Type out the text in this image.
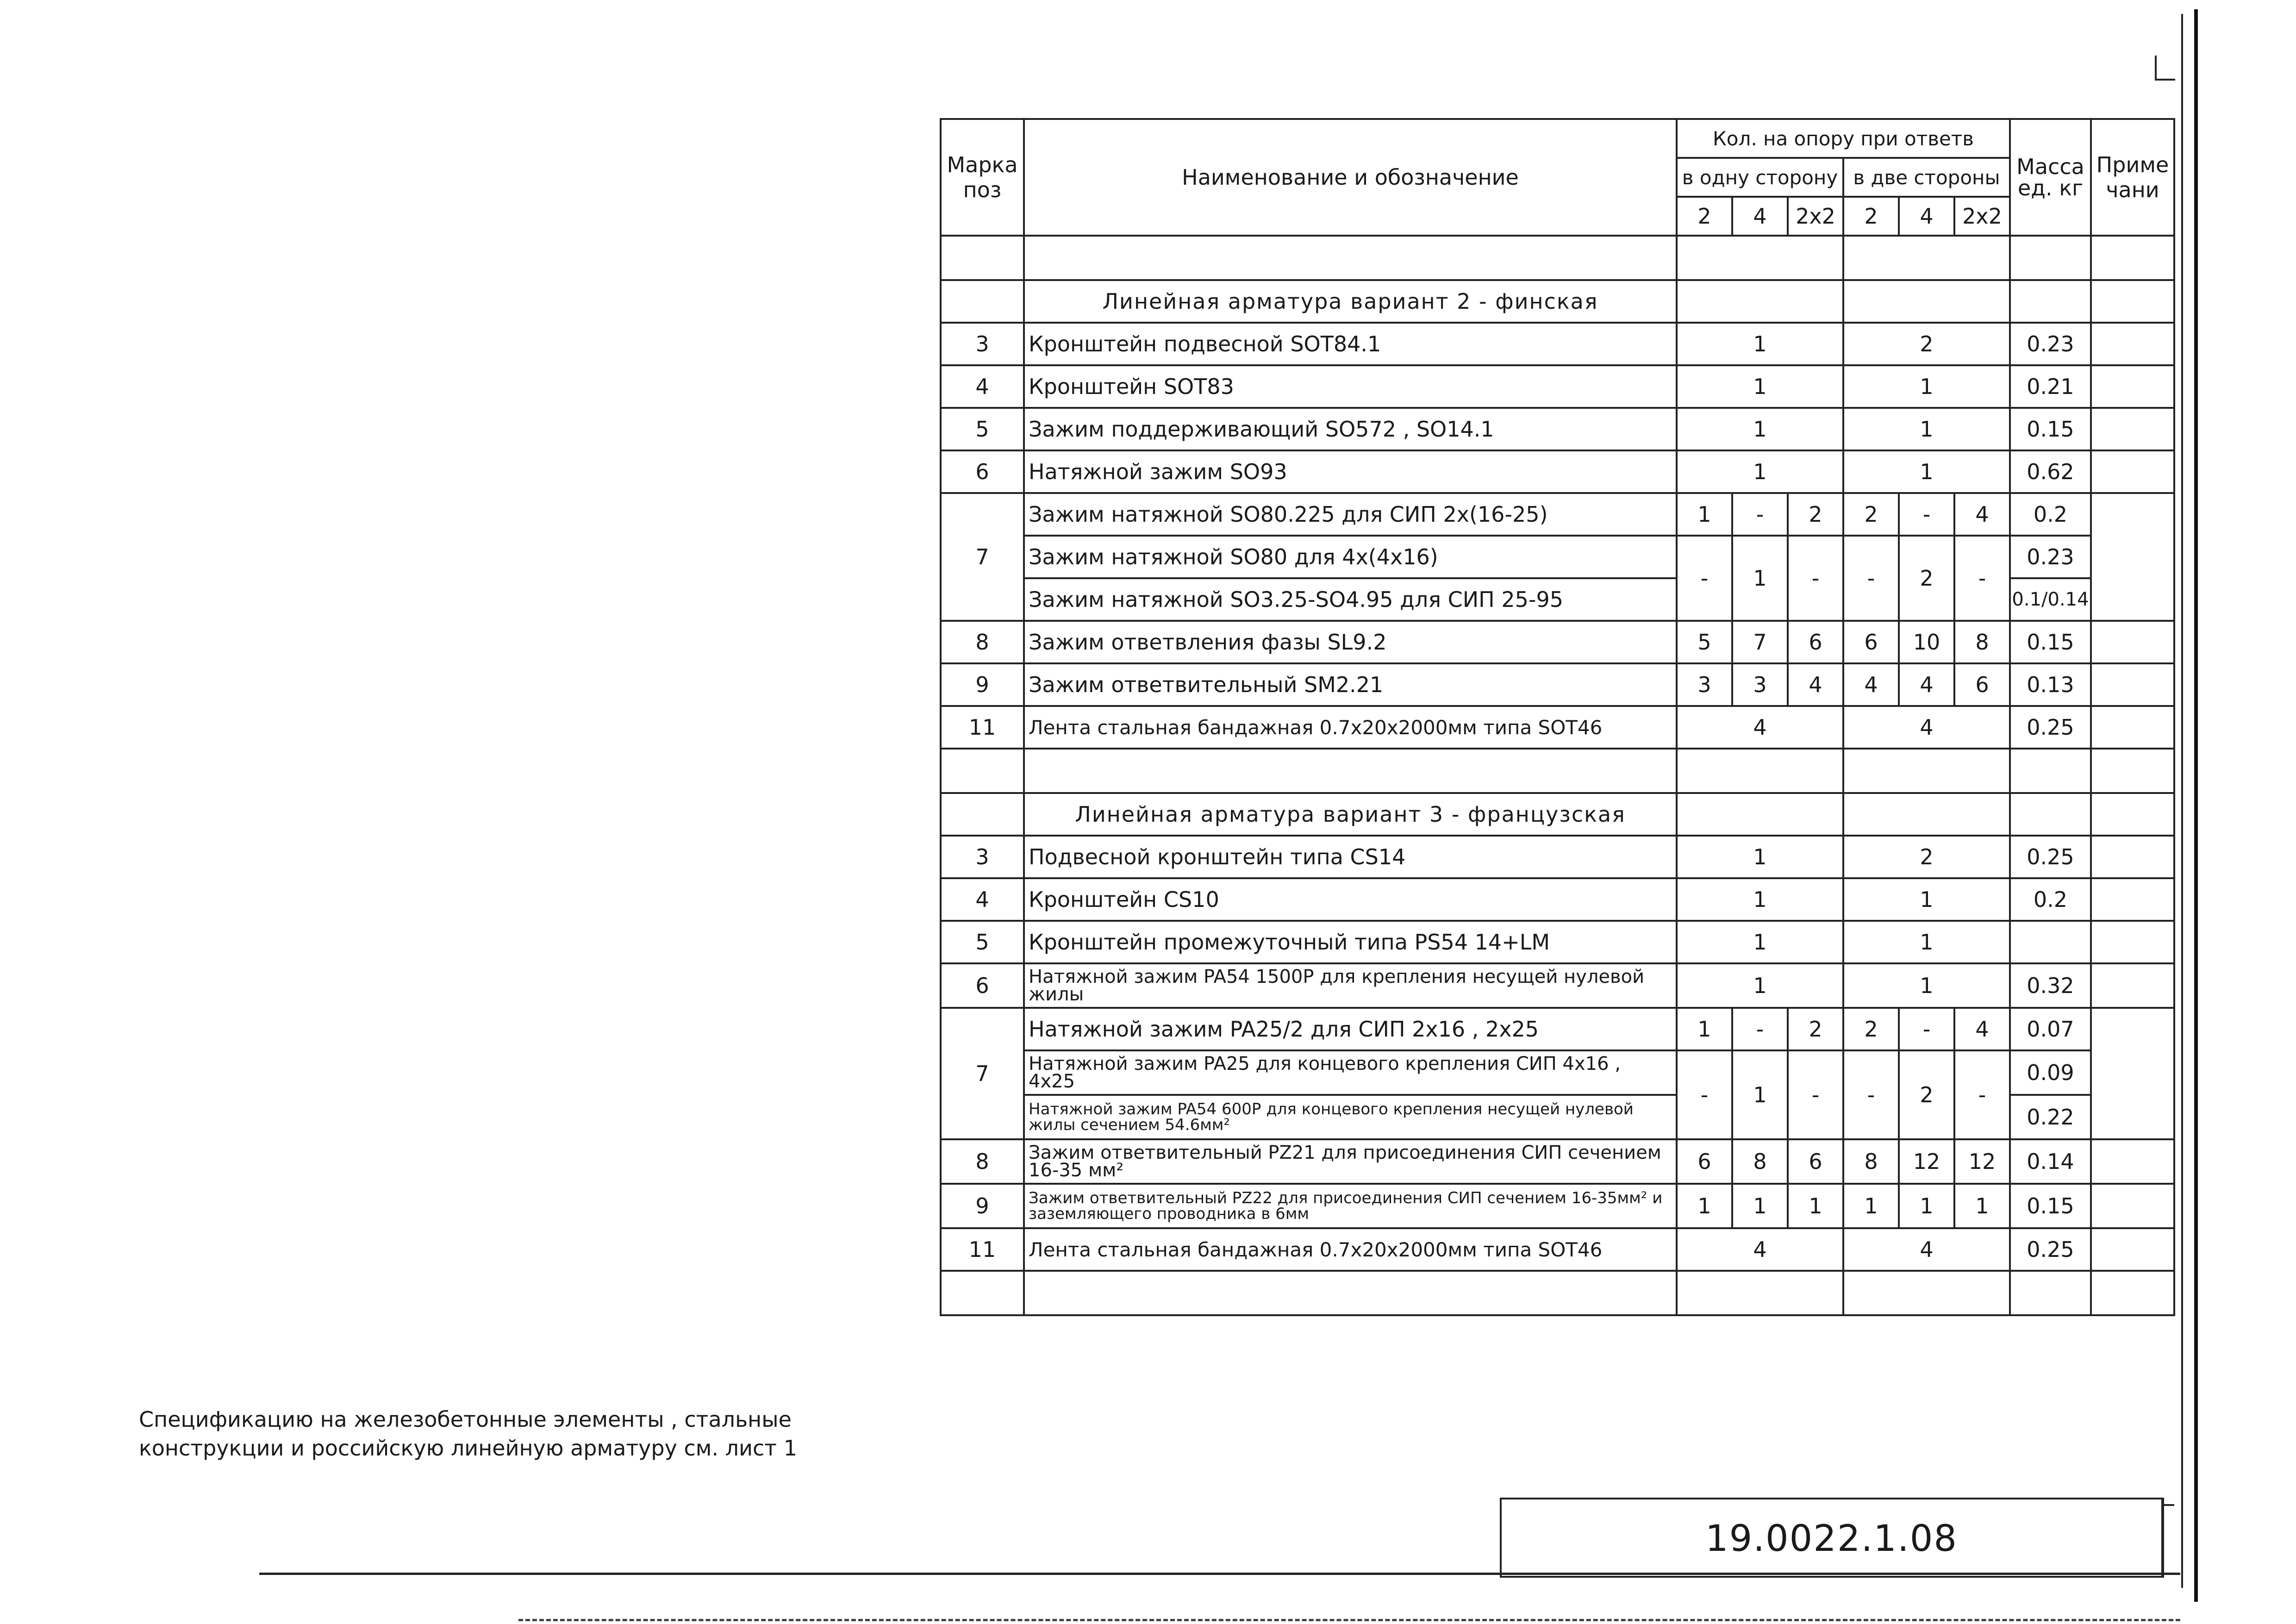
Марка поз	Наименование и обозначение	Кол. на опору при ответв						Масса ед. кг	Приме чани
		в одну сторону			в две стороны				
		2	4	2x2	2	4	2x2		

	Линейная арматура вариант 2 - финская								
3	Кронштейн подвесной SOT84.1	1			2			0.23	
4	Кронштейн SOT83	1			1			0.21	
5	Зажим поддерживающий SO572 , SO14.1	1			1			0.15	
6	Натяжной зажим SO93	1			1			0.62	
7	Зажим натяжной SO80.225 для СИП 2х(16-25)	1	-	2	2	-	4	0.2	
	Зажим натяжной SO80 для 4х(4х16)	-	1	-	-	2	-	0.23	
	Зажим натяжной SO3.25-SO4.95 для СИП 25-95							0.1/0.14	
8	Зажим ответвления фазы SL9.2	5	7	6	6	10	8	0.15	
9	Зажим ответвительный SM2.21	3	3	4	4	4	6	0.13	
11	Лента стальная бандажная 0.7х20х2000мм типа SOT46	4			4			0.25	

	Линейная арматура вариант 3 - французская								
3	Подвесной кронштейн типа CS14	1			2			0.25	
4	Кронштейн CS10	1			1			0.2	
5	Кронштейн промежуточный типа PS54 14+LM	1			1				
6	Натяжной зажим PA54 1500P для крепления несущей нулевой жилы	1			1			0.32	
7	Натяжной зажим PA25/2 для СИП 2х16 , 2х25	1	-	2	2	-	4	0.07	
	Натяжной зажим PA25 для концевого крепления СИП 4х16 , 4х25	-	1	-	-	2	-	0.09	
	Натяжной зажим PA54 600P для концевого крепления несущей нулевой жилы сечением 54.6мм²							0.22	
8	Зажим ответвительный PZ21 для присоединения СИП сечением 16-35 мм²	6	8	6	8	12	12	0.14	
9	Зажим ответвительный PZ22 для присоединения СИП сечением 16-35мм² и заземляющего проводника в 6мм	1	1	1	1	1	1	0.15	
11	Лента стальная бандажная 0.7х20х2000мм типа SOT46	4			4			0.25	

Спецификацию на железобетонные элементы , стальные конструкции и российскую линейную арматуру см. лист 1
19.0022.1.08
